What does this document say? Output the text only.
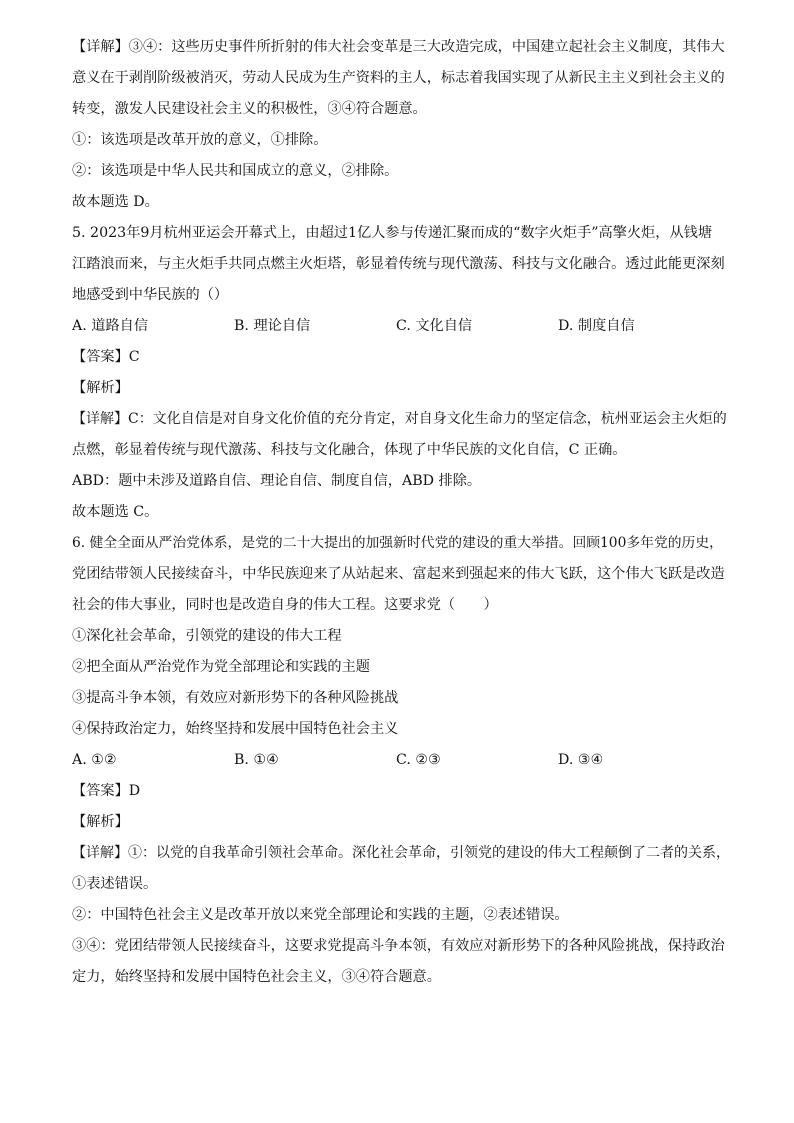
【详解】③④：这些历史事件所折射的伟大社会变革是三大改造完成，中国建立起社会主义制度，其伟大
意义在于剥削阶级被消灭，劳动人民成为生产资料的主人，标志着我国实现了从新民主主义到社会主义的
转变，激发人民建设社会主义的积极性，③④符合题意。
①：该选项是改革开放的意义，①排除。
②：该选项是中华人民共和国成立的意义，②排除。
故本题选 D。
5. 2023年9月杭州亚运会开幕式上，由超过1亿人参与传递汇聚而成的“数字火炬手”高擎火炬，从钱塘
江踏浪而来，与主火炬手共同点燃主火炬塔，彰显着传统与现代激荡、科技与文化融合。透过此能更深刻
地感受到中华民族的（）
A. 道路自信	B. 理论自信	C. 文化自信	D. 制度自信
【答案】C
【解析】
【详解】C：文化自信是对自身文化价值的充分肯定，对自身文化生命力的坚定信念，杭州亚运会主火炬的
点燃，彰显着传统与现代激荡、科技与文化融合，体现了中华民族的文化自信，C 正确。
ABD：题中未涉及道路自信、理论自信、制度自信，ABD 排除。
故本题选 C。
6. 健全全面从严治党体系，是党的二十大提出的加强新时代党的建设的重大举措。回顾100多年党的历史，
党团结带领人民接续奋斗，中华民族迎来了从站起来、富起来到强起来的伟大飞跃，这个伟大飞跃是改造
社会的伟大事业，同时也是改造自身的伟大工程。这要求党（　　）
①深化社会革命，引领党的建设的伟大工程
②把全面从严治党作为党全部理论和实践的主题
③提高斗争本领，有效应对新形势下的各种风险挑战
④保持政治定力，始终坚持和发展中国特色社会主义
A. ①②	B. ①④	C. ②③	D. ③④
【答案】D
【解析】
【详解】①：以党的自我革命引领社会革命。深化社会革命，引领党的建设的伟大工程颠倒了二者的关系，
①表述错误。
②：中国特色社会主义是改革开放以来党全部理论和实践的主题，②表述错误。
③④：党团结带领人民接续奋斗，这要求党提高斗争本领，有效应对新形势下的各种风险挑战，保持政治
定力，始终坚持和发展中国特色社会主义，③④符合题意。
